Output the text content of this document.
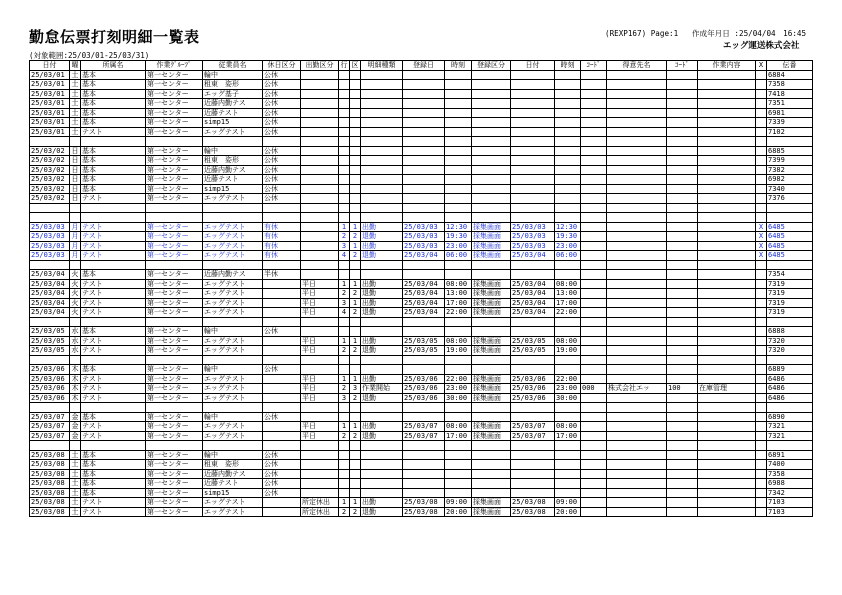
勤怠伝票打刻明細一覧表	(REXP167) Page:1 作成年月日 :25/04/04　16:45
エッグ運送株式会社
(対象範囲:25/03/01-25/03/31)
日付	曜	所属名	作業ｸﾞﾙｰﾌﾟ	従業員名	休日区分	出勤区分	行	区	明細種類	登録日	時刻	登録区分	日付	時刻	ｺｰﾄﾞ	得意先名	ｺｰﾄﾞ	作業内容	X	伝番
25/03/01	土	基本	第一センター	輪中	公休															6884
25/03/01	土	基本	第一センター	租東　姿形	公休															7358
25/03/01	土	基本	第一センター	エッグ基子	公休															7418
25/03/01	土	基本	第一センター	近藤内勤テス	公休															7351
25/03/01	土	基本	第一センター	近藤テスト	公休															6981
25/03/01	土	基本	第一センター	simp15	公休															7339
25/03/01	土	テスト	第一センター	エッグテスト	公休															7102

25/03/02	日	基本	第一センター	輪中	公休															6885
25/03/02	日	基本	第一センター	租東　姿形	公休															7399
25/03/02	日	基本	第一センター	近藤内勤テス	公休															7382
25/03/02	日	基本	第一センター	近藤テスト	公休															6982
25/03/02	日	基本	第一センター	simp15	公休															7340
25/03/02	日	テスト	第一センター	エッグテスト	公休															7376

25/03/03	月	テスト	第一センター	エッグテスト	有休		1	1	出勤	25/03/03	12:30	採集画面	25/03/03	12:30					X	6485
25/03/03	月	テスト	第一センター	エッグテスト	有休		2	2	退勤	25/03/03	19:30	採集画面	25/03/03	19:30					X	6485
25/03/03	月	テスト	第一センター	エッグテスト	有休		3	1	出勤	25/03/03	23:00	採集画面	25/03/03	23:00					X	6485
25/03/03	月	テスト	第一センター	エッグテスト	有休		4	2	退勤	25/03/04	06:00	採集画面	25/03/04	06:00					X	6485

25/03/04	火	基本	第一センター	近藤内勤テス	半休															7354
25/03/04	火	テスト	第一センター	エッグテスト		平日	1	1	出勤	25/03/04	08:00	採集画面	25/03/04	08:00						7319
25/03/04	火	テスト	第一センター	エッグテスト		平日	2	2	退勤	25/03/04	13:00	採集画面	25/03/04	13:00						7319
25/03/04	火	テスト	第一センター	エッグテスト		平日	3	1	出勤	25/03/04	17:00	採集画面	25/03/04	17:00						7319
25/03/04	火	テスト	第一センター	エッグテスト		平日	4	2	退勤	25/03/04	22:00	採集画面	25/03/04	22:00						7319

25/03/05	水	基本	第一センター	輪中	公休															6888
25/03/05	水	テスト	第一センター	エッグテスト		平日	1	1	出勤	25/03/05	08:00	採集画面	25/03/05	08:00						7320
25/03/05	水	テスト	第一センター	エッグテスト		平日	2	2	退勤	25/03/05	19:00	採集画面	25/03/05	19:00						7320

25/03/06	木	基本	第一センター	輪中	公休															6889
25/03/06	木	テスト	第一センター	エッグテスト		平日	1	1	出勤	25/03/06	22:00	採集画面	25/03/06	22:00						6486
25/03/06	木	テスト	第一センター	エッグテスト		平日	2	3	作業開始	25/03/06	23:00	採集画面	25/03/06	23:00	000	株式会社エッ	100	在庫管理		6486
25/03/06	木	テスト	第一センター	エッグテスト		平日	3	2	退勤	25/03/06	30:00	採集画面	25/03/06	30:00						6486

25/03/07	金	基本	第一センター	輪中	公休															6890
25/03/07	金	テスト	第一センター	エッグテスト		平日	1	1	出勤	25/03/07	08:00	採集画面	25/03/07	08:00						7321
25/03/07	金	テスト	第一センター	エッグテスト		平日	2	2	退勤	25/03/07	17:00	採集画面	25/03/07	17:00						7321

25/03/08	土	基本	第一センター	輪中	公休															6891
25/03/08	土	基本	第一センター	租東　姿形	公休															7400
25/03/08	土	基本	第一センター	近藤内勤テス	公休															7358
25/03/08	土	基本	第一センター	近藤テスト	公休															6988
25/03/08	土	基本	第一センター	simp15	公休															7342
25/03/08	土	テスト	第一センター	エッグテスト		所定休出	1	1	出勤	25/03/08	09:00	採集画面	25/03/08	09:00						7103
25/03/08	土	テスト	第一センター	エッグテスト		所定休出	2	2	退勤	25/03/08	20:00	採集画面	25/03/08	20:00						7103
